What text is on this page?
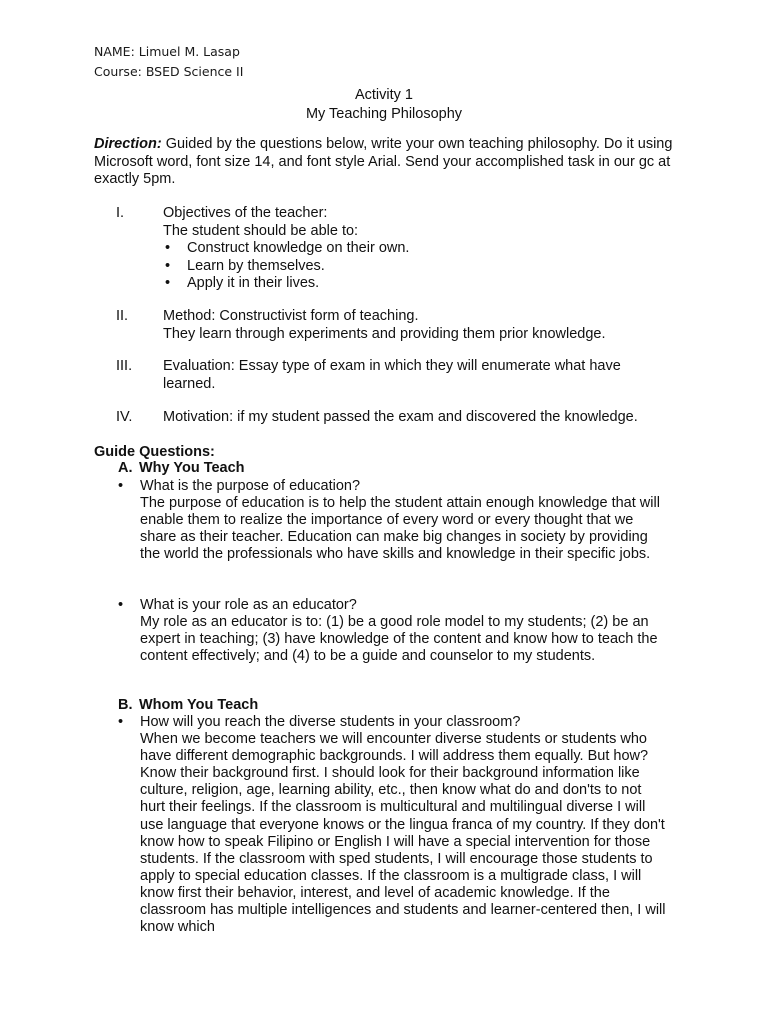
NAME: Limuel M. Lasap
Course: BSED Science II
Activity 1
My Teaching Philosophy
Direction: Guided by the questions below, write your own teaching philosophy. Do it using Microsoft word, font size 14, and font style Arial. Send your accomplished task in our gc at exactly 5pm.
I.	Objectives of the teacher:
The student should be able to:
• Construct knowledge on their own.
• Learn by themselves.
• Apply it in their lives.
II. Method: Constructivist form of teaching.
They learn through experiments and providing them prior knowledge.
III. Evaluation: Essay type of exam in which they will enumerate what have learned.
IV. Motivation: if my student passed the exam and discovered the knowledge.
Guide Questions:
A. Why You Teach
• What is the purpose of education?
The purpose of education is to help the student attain enough knowledge that will enable them to realize the importance of every word or every thought that we share as their teacher. Education can make big changes in society by providing the world the professionals who have skills and knowledge in their specific jobs.
• What is your role as an educator?
My role as an educator is to: (1) be a good role model to my students; (2) be an expert in teaching; (3) have knowledge of the content and know how to teach the content effectively; and (4) to be a guide and counselor to my students.
B. Whom You Teach
• How will you reach the diverse students in your classroom?
When we become teachers we will encounter diverse students or students who have different demographic backgrounds. I will address them equally. But how? Know their background first. I should look for their background information like culture, religion, age, learning ability, etc., then know what do and don'ts to not hurt their feelings. If the classroom is multicultural and multilingual diverse I will use language that everyone knows or the lingua franca of my country. If they don't know how to speak Filipino or English I will have a special intervention for those students. If the classroom with sped students, I will encourage those students to apply to special education classes. If the classroom is a multigrade class, I will know first their behavior, interest, and level of academic knowledge. If the classroom has multiple intelligences and students and learner-centered then, I will know which
